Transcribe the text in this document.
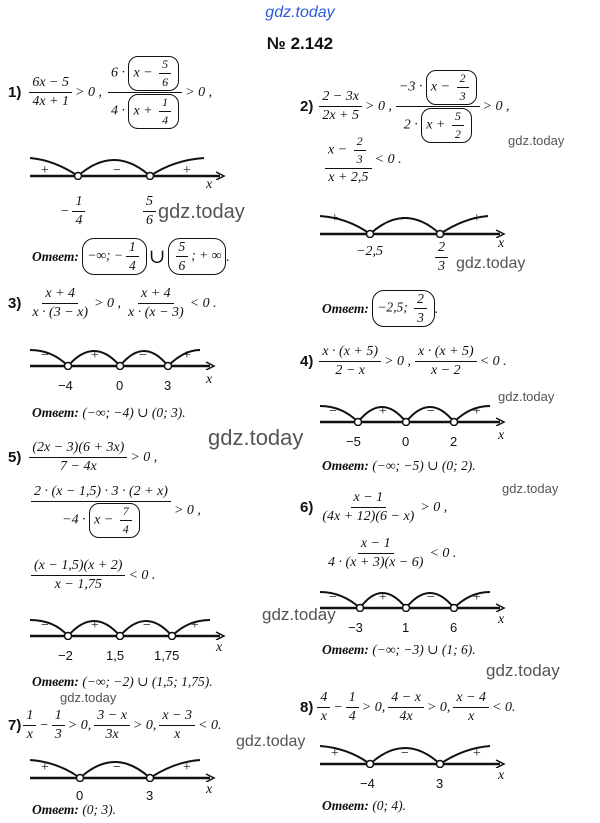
gdz.today
№ 2.142
gdz.today
gdz.today
gdz.today
gdz.today
gdz.today
gdz.today
gdz.today
gdz.today
gdz.today
gdz.today
$1) \frac{6x - 5}{4x + 1} > 0$ , $\frac{6 \cdot x - \frac{5}{6}}{4 \cdot x + \frac{1}{4}} > 0$ ,
+	−	+
x
− $\frac{1}{4}$	$\frac{5}{6}$
Ответ:
−∞; − $\frac{1}{4}$ ∪ $\frac{5}{6}$ ; + ∞ .
$2) \frac{2 - 3x}{2x + 5} > 0$ , $\frac{-3 \cdot x - \frac{2}{3}}{2 \cdot x + \frac{5}{2}} > 0$ ,
$\frac{x - \frac{2}{3}}{x + 2,5} < 0$ .
+	−	+
x
−2,5	$\frac{2}{3}$
Ответ:
−2,5; $\frac{2}{3}$ .
$3) \frac{x + 4}{x \cdot (3 - x)} > 0$ , $\frac{x + 4}{x \cdot (x - 3)} < 0$ .
−	+	− +
x
−4	0	3
Ответ: (−∞; −4) ∪ (0; 3).
$4) \frac{x \cdot (x + 5)}{2 - x} > 0$ , $\frac{x \cdot (x + 5)}{x - 2} < 0$ .
−	+	−	+
x
−5	0	2
Ответ: (−∞; −5) ∪ (0; 2).
$5) \frac{(2x - 3)(6 + 3x)}{7 - 4x} > 0$ ,
$\frac{2 \cdot (x - 1,5) \cdot 3 \cdot (2 + x)}{-4 \cdot x - \frac{7}{4}} > 0$ ,
$\frac{(x - 1,5)(x + 2)}{x - 1,75} < 0$ .
−	+	−	+
x
−2	1,5 1,75
Ответ: (−∞; −2) ∪ (1,5; 1,75).
$6) \frac{x - 1}{(4x + 12)(6 - x)} > 0$ ,
$\frac{x - 1}{4 \cdot (x + 3)(x - 6)} < 0$ .
−	+	−	+
x
−3	1	6
Ответ: (−∞; −3) ∪ (1; 6).
$7) \frac{1}{x} - \frac{1}{3} > 0$, $\frac{3 - x}{3x} > 0$, $\frac{x - 3}{x} < 0$.
+	−	+
x
0	3
Ответ: (0; 3).
$8) \frac{4}{x} - \frac{1}{4} > 0$, $\frac{4 - x}{4x} > 0$, $\frac{x - 4}{x} < 0$.
+	−	+
x
−4	3
Ответ: (0; 4).
